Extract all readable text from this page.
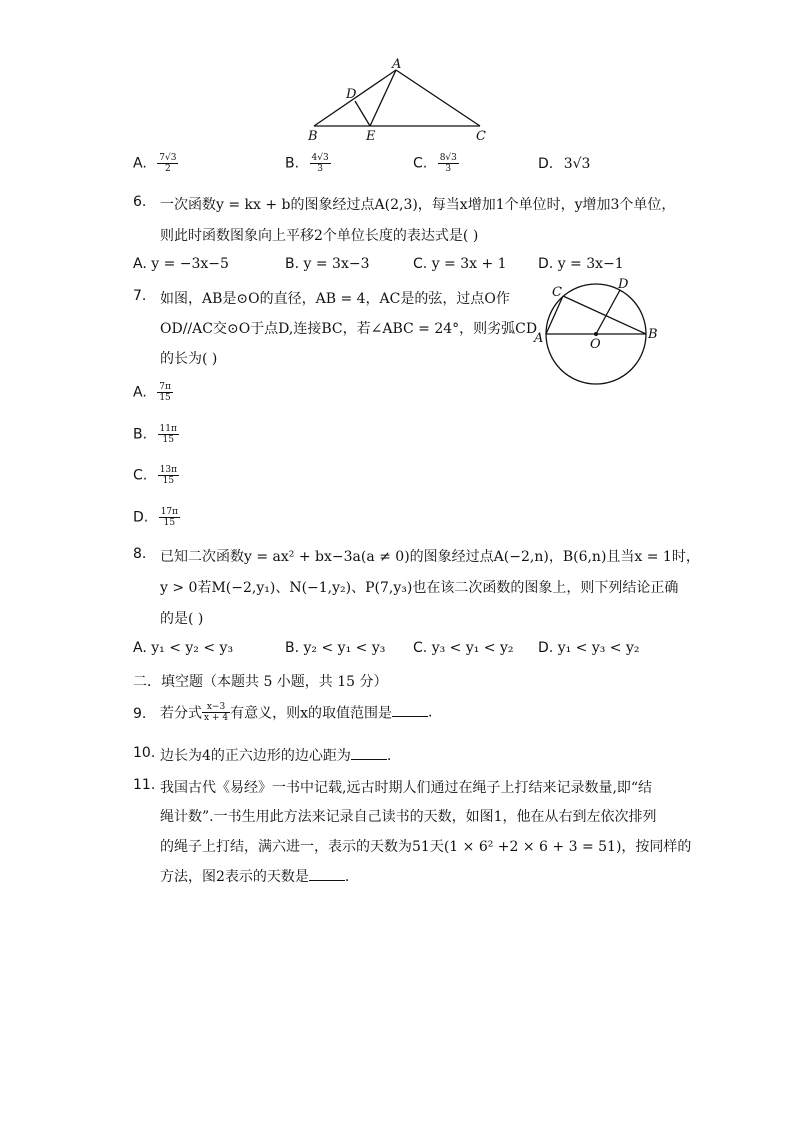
A
D
B	E	C
A. $\frac{7√3}{2}$	B. $\frac{4√3}{3}$	C. $\frac{8√3}{3}$	D. 3√3
6. 一次函数y = kx + b的图象经过点A(2,3)，每当x增加1个单位时，y增加3个单位，
则此时函数图象向上平移2个单位长度的表达式是( )
A. y = −3x−5	B. y = 3x−3	C. y = 3x + 1 D. y = 3x−1
7. 如图，AB是⊙O的直径，AB = 4，AC是的弦，过点O作
OD//AC交⊙O于点D,连接BC，若∠ABC = 24°，则劣弧CD
的长为( )
C
D
A	B
O
A. $\frac{7\pi}{15}$
B. $\frac{11\pi}{15}$
C. $\frac{13\pi}{15}$
D. $\frac{17\pi}{15}$
8. 已知二次函数y = ax² + bx−3a(a ≠ 0)的图象经过点A(−2,n)，B(6,n)且当x = 1时，
y > 0若M(−2,y₁)、N(−1,y₂)、P(7,y₃)也在该二次函数的图象上，则下列结论正确
的是( )
A. y₁ < y₂ < y₃	B. y₂ < y₁ < y₃ C. y₃ < y₁ < y₂ D. y₁ < y₃ < y₂
二．填空题（本题共 5 小题，共 15 分）
9. 若分式 $\frac{x-3}{x + 4}$ 有意义，则x的取值范围是	.
10. 边长为4的正六边形的边心距为	.
11. 我国古代《易经》一书中记载,远古时期人们通过在绳子上打结来记录数量,即“结
绳计数”.一书生用此方法来记录自己读书的天数，如图1，他在从右到左依次排列
的绳子上打结，满六进一，表示的天数为51天(1 × 6² +2 × 6 + 3 = 51)，按同样的
方法，图2表示的天数是	.
